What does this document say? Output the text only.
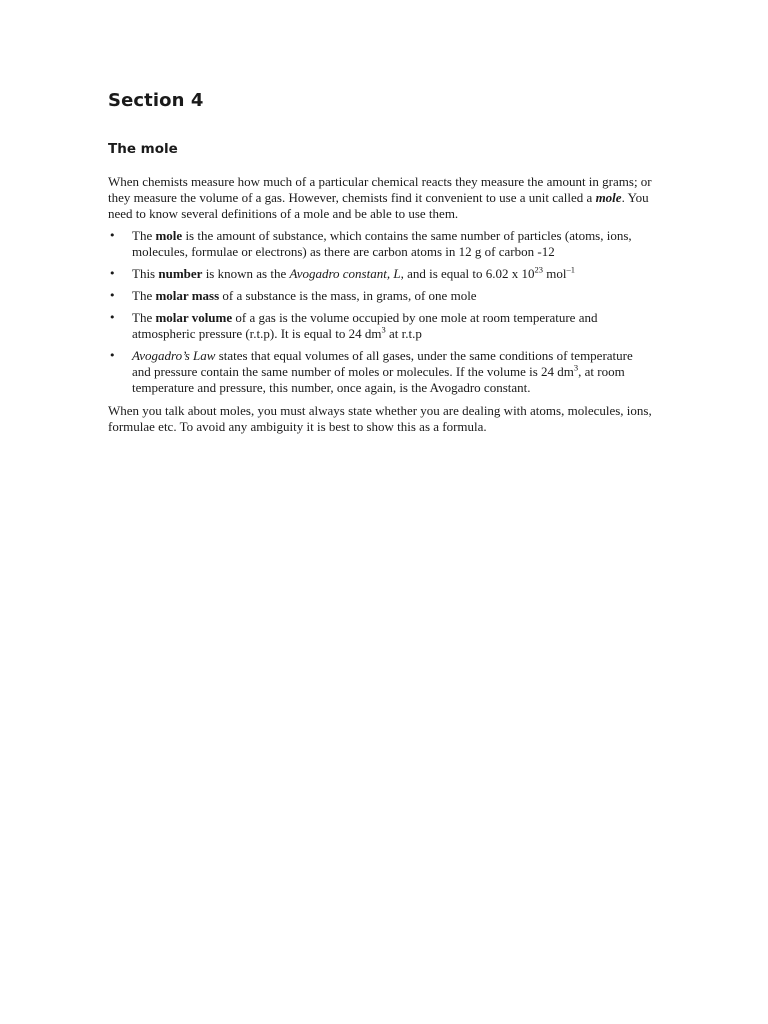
Section 4
The mole

When chemists measure how much of a particular chemical reacts they measure the amount in grams; or they measure the volume of a gas. However, chemists find it convenient to use a unit called a mole. You need to know several definitions of a mole and be able to use them.

• The mole is the amount of substance, which contains the same number of particles (atoms, ions, molecules, formulae or electrons) as there are carbon atoms in 12 g of carbon -12
• This number is known as the Avogadro constant, L, and is equal to 6.02 x $10^{23}$ mol$^{-1}$
• The molar mass of a substance is the mass, in grams, of one mole
• The molar volume of a gas is the volume occupied by one mole at room temperature and atmospheric pressure (r.t.p). It is equal to 24 $dm^3$ at r.t.p
• Avogadro’s Law states that equal volumes of all gases, under the same conditions of temperature and pressure contain the same number of moles or molecules. If the volume is 24 $dm^3$, at room temperature and pressure, this number, once again, is the Avogadro constant.

When you talk about moles, you must always state whether you are dealing with atoms, molecules, ions, formulae etc. To avoid any ambiguity it is best to show this as a formula.
